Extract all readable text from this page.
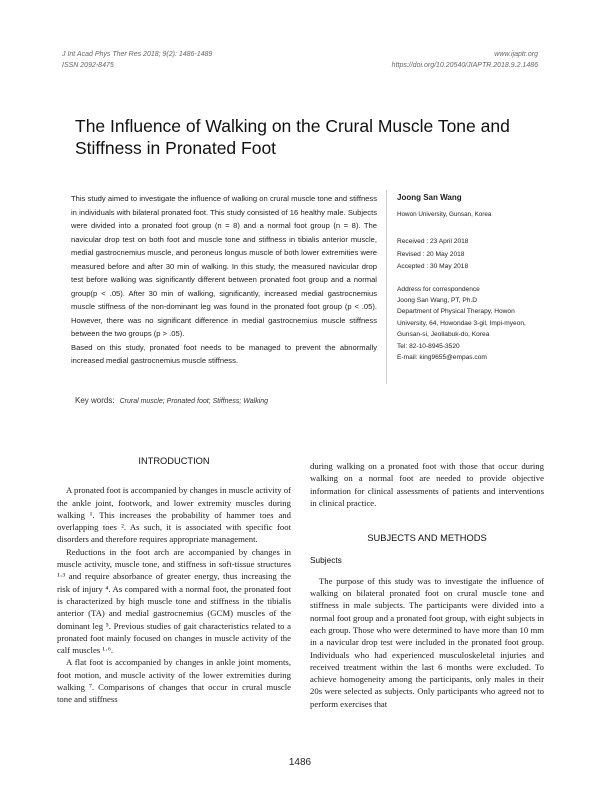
J Int Acad Phys Ther Res 2018; 9(2): 1486-1489
ISSN 2092-8475
www.ijaptr.org
https://doi.org/10.20540/JIAPTR.2018.9.2.1486
The Influence of Walking on the Crural Muscle Tone and Stiffness in Pronated Foot

This study aimed to investigate the influence of walking on crural muscle tone and stiffness in individuals with bilateral pronated foot. This study consisted of 16 healthy male. Subjects were divided into a pronated foot group (n = 8) and a normal foot group (n = 8). The navicular drop test on both foot and muscle tone and stiffness in tibialis anterior muscle, medial gastrocnemius muscle, and peroneus longus muscle of both lower extremities were measured before and after 30 min of walking. In this study, the measured navicular drop test before walking was significantly different between pronated foot group and a normal group(p < .05). After 30 min of walking, significantly, increased medial gastrocnemius muscle stiffness of the non-dominant leg was found in the pronated foot group (p < .05). However, there was no significant difference in medial gastrocnemius muscle stiffness between the two groups (p > .05).

Based on this study, pronated foot needs to be managed to prevent the abnormally increased medial gastrocnemius muscle stiffness.

Joong San Wang
Howon University, Gunsan, Korea
Received : 23 April 2018
Revised : 20 May 2018
Accepted : 30 May 2018
Address for correspondence
Joong San Wang, PT, Ph.D
Department of Physical Therapy, Howon University, 64, Howondae 3-gil, Impi-myeon, Gunsan-si, Jeollabuk-do, Korea
Tel: 82-10-8945-3520
E-mail: king9655@empas.com
Key words: Crural muscle; Pronated foot; Stiffness; Walking
INTRODUCTION

A pronated foot is accompanied by changes in muscle activity of the ankle joint, footwork, and lower extremity muscles during walking ¹. This increases the probability of hammer toes and overlapping toes ². As such, it is associated with specific foot disorders and therefore requires appropriate management.

Reductions in the foot arch are accompanied by changes in muscle activity, muscle tone, and stiffness in soft-tissue structures ¹·³ and require absorbance of greater energy, thus increasing the risk of injury ⁴. As compared with a normal foot, the pronated foot is characterized by high muscle tone and stiffness in the tibialis anterior (TA) and medial gastrocnemius (GCM) muscles of the dominant leg ⁵. Previous studies of gait characteristics related to a pronated foot mainly focused on changes in muscle activity of the calf muscles ¹·⁶.

A flat foot is accompanied by changes in ankle joint moments, foot motion, and muscle activity of the lower extremities during walking ⁷. Comparisons of changes that occur in crural muscle tone and stiffness

during walking on a pronated foot with those that occur during walking on a normal foot are needed to provide objective information for clinical assessments of patients and interventions in clinical practice.

SUBJECTS AND METHODS
Subjects

The purpose of this study was to investigate the influence of walking on bilateral pronated foot on crural muscle tone and stiffness in male subjects. The participants were divided into a normal foot group and a pronated foot group, with eight subjects in each group. Those who were determined to have more than 10 mm in a navicular drop test were included in the pronated foot group. Individuals who had experienced musculoskeletal injuries and received treatment within the last 6 months were excluded. To achieve homogeneity among the participants, only males in their 20s were selected as subjects. Only participants who agreed not to perform exercises that

1486
